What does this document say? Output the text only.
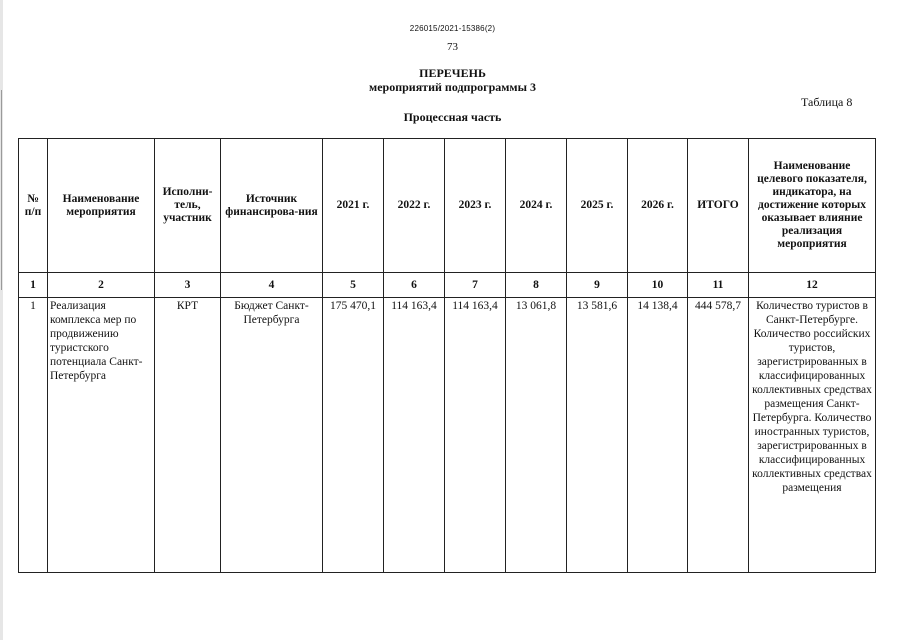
226015/2021-15386(2)
73
ПЕРЕЧЕНЬ
мероприятий подпрограммы 3
Таблица 8
Процессная часть
№ п/п	Наименование мероприятия	Исполни-тель, участник	Источник финансирова-ния	2021 г.	2022 г.	2023 г.	2024 г.	2025 г.	2026 г.	ИТОГО	Наименование целевого показателя, индикатора, на достижение которых оказывает влияние реализация мероприятия
1	2	3	4	5	6	7	8	9	10	11	12
1	Реализация комплекса мер по продвижению туристского потенциала Санкт-Петербурга	КРТ	Бюджет Санкт-Петербурга	175 470,1	114 163,4	114 163,4	13 061,8	13 581,6	14 138,4	444 578,7	Количество туристов в Санкт-Петербурге. Количество российских туристов, зарегистрированных в классифицированных коллективных средствах размещения Санкт-Петербурга. Количество иностранных туристов, зарегистрированных в классифицированных коллективных средствах размещения
